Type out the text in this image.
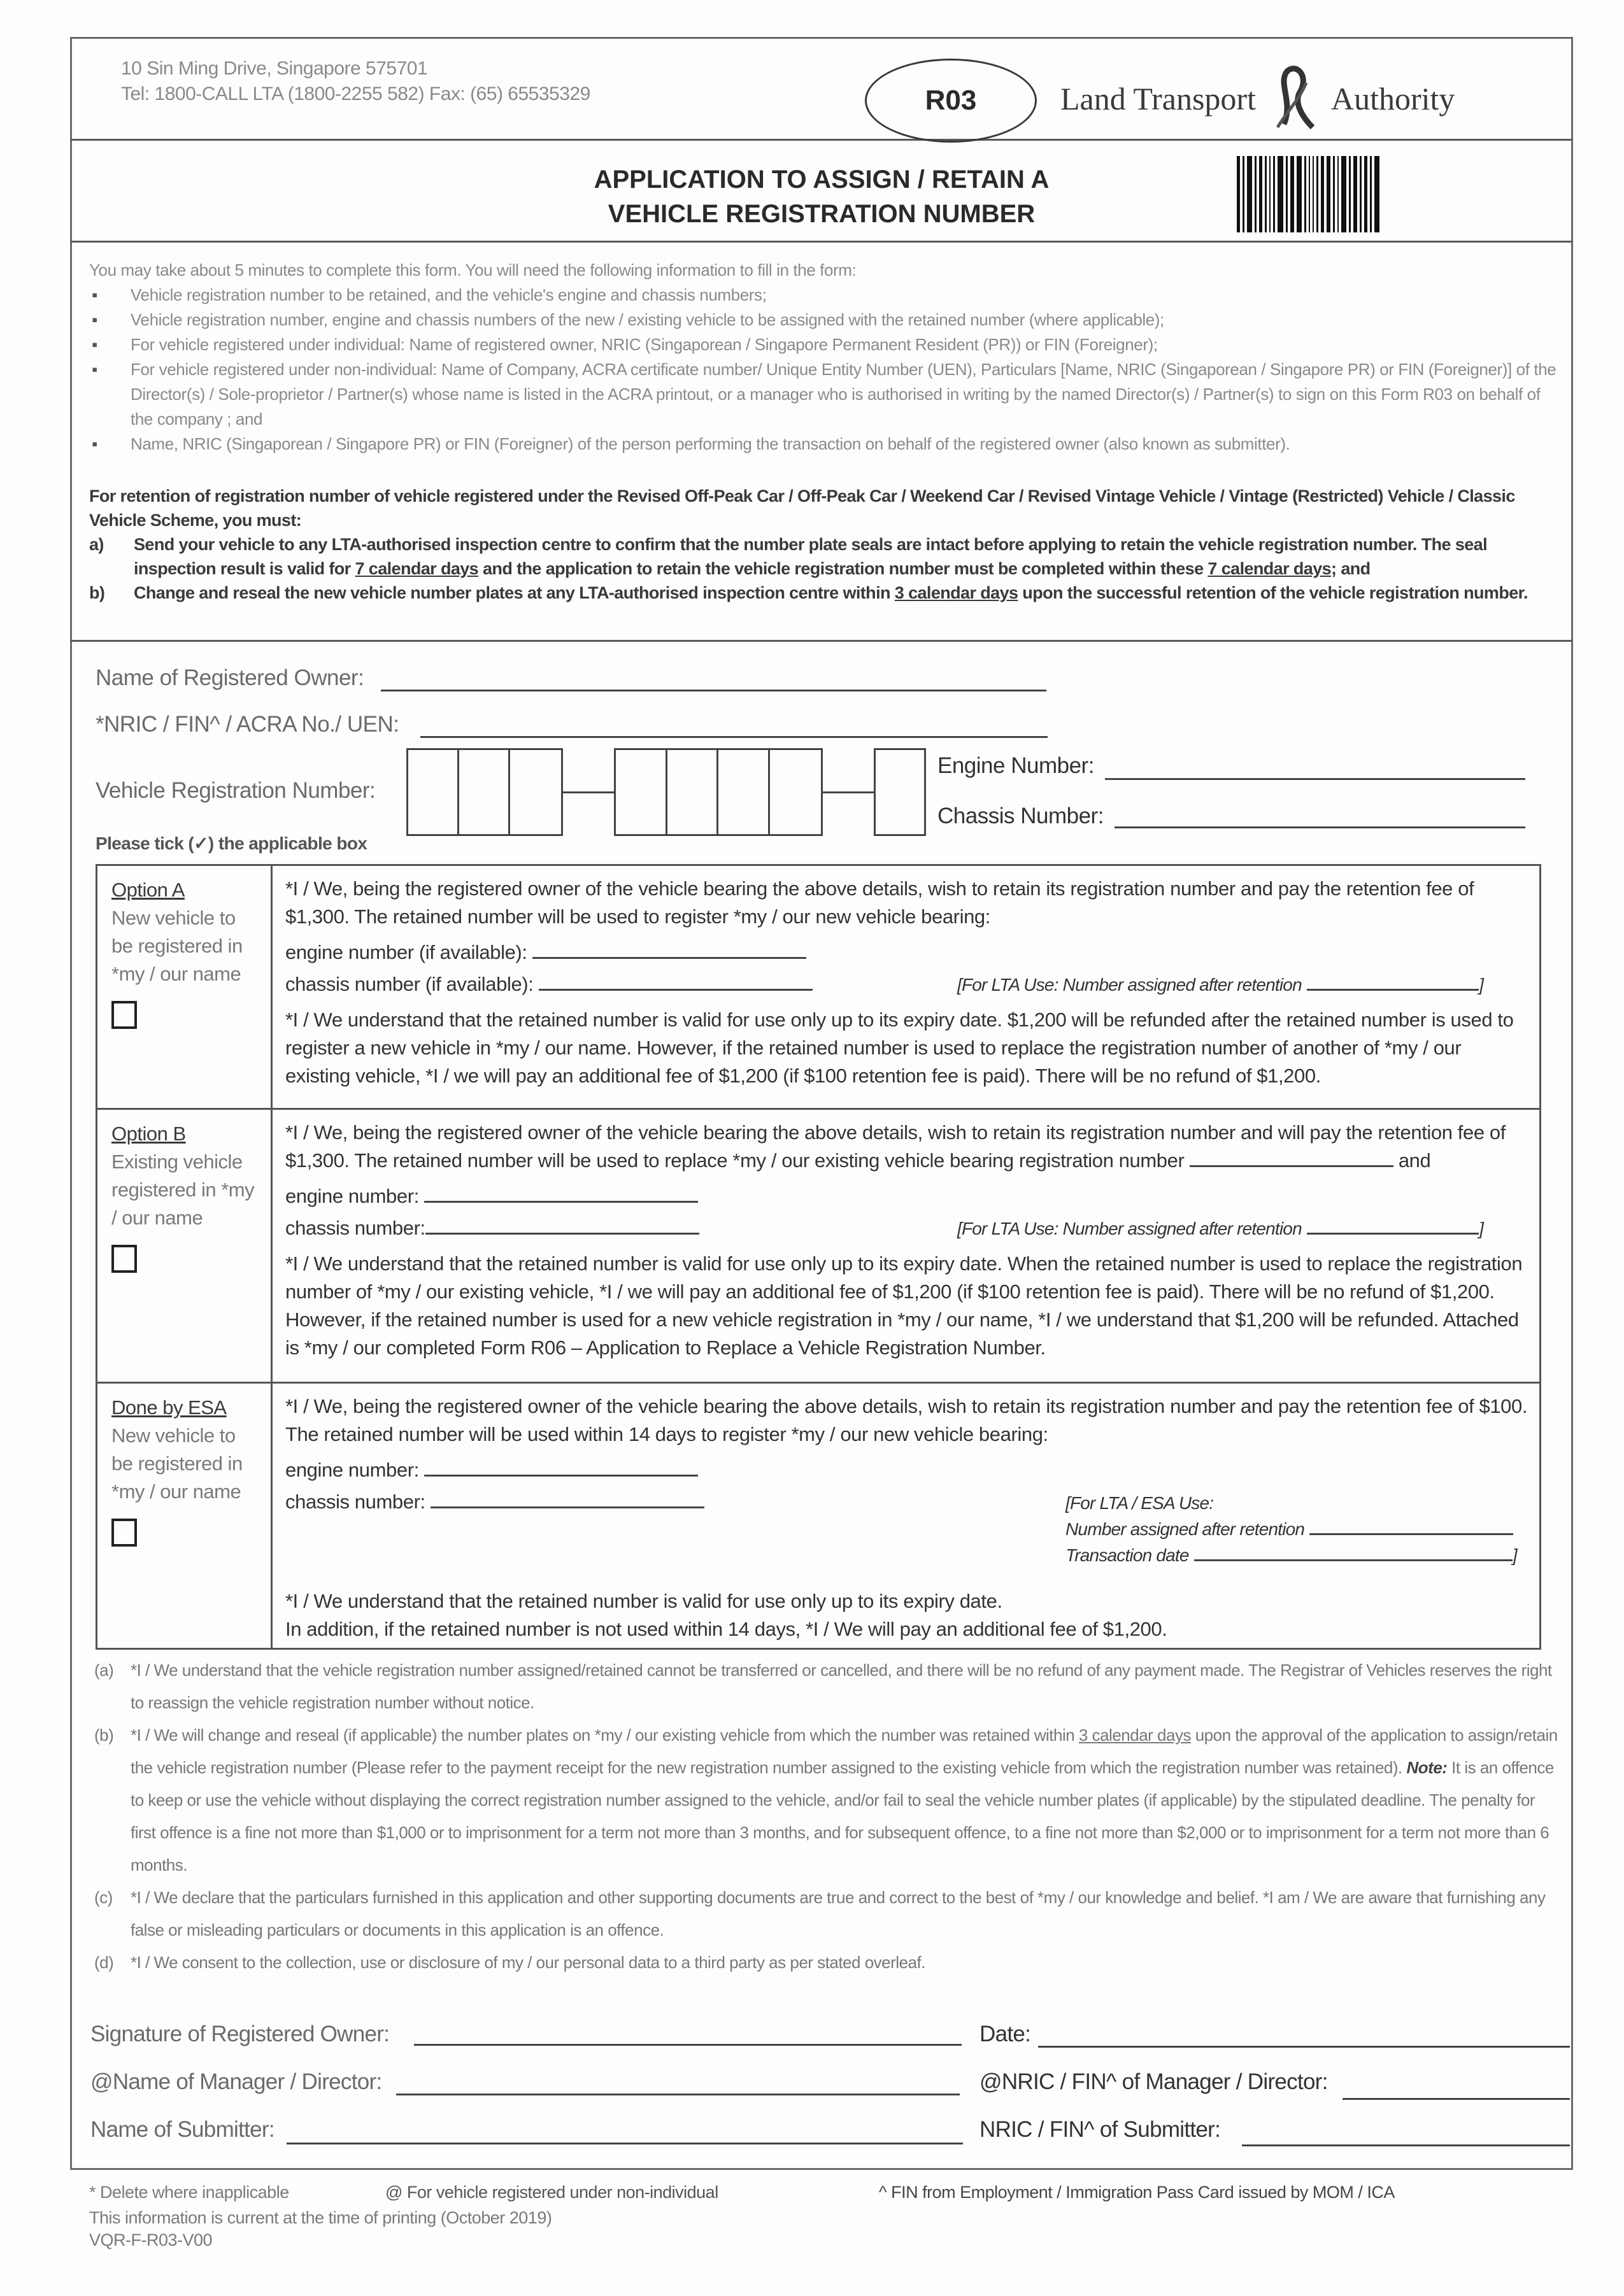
10 Sin Ming Drive, Singapore 575701
Tel: 1800-CALL LTA (1800-2255 582) Fax: (65) 65535329	R03	Land Transport Authority
APPLICATION TO ASSIGN / RETAIN A
VEHICLE REGISTRATION NUMBER
You may take about 5 minutes to complete this form. You will need the following information to fill in the form:
▪ Vehicle registration number to be retained, and the vehicle's engine and chassis numbers;
▪ Vehicle registration number, engine and chassis numbers of the new / existing vehicle to be assigned with the retained number (where applicable);
▪ For vehicle registered under individual: Name of registered owner, NRIC (Singaporean / Singapore Permanent Resident (PR)) or FIN (Foreigner);
▪ For vehicle registered under non-individual: Name of Company, ACRA certificate number/ Unique Entity Number (UEN), Particulars [Name, NRIC (Singaporean / Singapore PR) or FIN (Foreigner)] of the Director(s) / Sole-proprietor / Partner(s) whose name is listed in the ACRA printout, or a manager who is authorised in writing by the named Director(s) / Partner(s) to sign on this Form R03 on behalf of the company ; and
▪ Name, NRIC (Singaporean / Singapore PR) or FIN (Foreigner) of the person performing the transaction on behalf of the registered owner (also known as submitter).
For retention of registration number of vehicle registered under the Revised Off-Peak Car / Off-Peak Car / Weekend Car / Revised Vintage Vehicle / Vintage (Restricted) Vehicle / Classic Vehicle Scheme, you must:
a) Send your vehicle to any LTA-authorised inspection centre to confirm that the number plate seals are intact before applying to retain the vehicle registration number. The seal inspection result is valid for 7 calendar days and the application to retain the vehicle registration number must be completed within these 7 calendar days; and
b) Change and reseal the new vehicle number plates at any LTA-authorised inspection centre within 3 calendar days upon the successful retention of the vehicle registration number.
Name of Registered Owner:
*NRIC / FIN^ / ACRA No./ UEN:
Vehicle Registration Number:
Engine Number:
Chassis Number:
Please tick (✓) the applicable box
Option A
New vehicle to be registered in *my / our name
*I / We, being the registered owner of the vehicle bearing the above details, wish to retain its registration number and pay the retention fee of $1,300. The retained number will be used to register *my / our new vehicle bearing:
engine number (if available):
chassis number (if available):	[For LTA Use: Number assigned after retention	]
*I / We understand that the retained number is valid for use only up to its expiry date. $1,200 will be refunded after the retained number is used to register a new vehicle in *my / our name. However, if the retained number is used to replace the registration number of another of *my / our existing vehicle, *I / we will pay an additional fee of $1,200 (if $100 retention fee is paid). There will be no refund of $1,200.
Option B
Existing vehicle registered in *my / our name
*I / We, being the registered owner of the vehicle bearing the above details, wish to retain its registration number and will pay the retention fee of $1,300. The retained number will be used to replace *my / our existing vehicle bearing registration number	and
engine number:
chassis number:	[For LTA Use: Number assigned after retention	]
*I / We understand that the retained number is valid for use only up to its expiry date. When the retained number is used to replace the registration number of *my / our existing vehicle, *I / we will pay an additional fee of $1,200 (if $100 retention fee is paid). There will be no refund of $1,200. However, if the retained number is used for a new vehicle registration in *my / our name, *I / we understand that $1,200 will be refunded. Attached is *my / our completed Form R06 – Application to Replace a Vehicle Registration Number.
Done by ESA
New vehicle to be registered in *my / our name
*I / We, being the registered owner of the vehicle bearing the above details, wish to retain its registration number and pay the retention fee of $100. The retained number will be used within 14 days to register *my / our new vehicle bearing:
engine number:
chassis number:	[For LTA / ESA Use:
Number assigned after retention
Transaction date	]
*I / We understand that the retained number is valid for use only up to its expiry date.
In addition, if the retained number is not used within 14 days, *I / We will pay an additional fee of $1,200.
(a) *I / We understand that the vehicle registration number assigned/retained cannot be transferred or cancelled, and there will be no refund of any payment made. The Registrar of Vehicles reserves the right to reassign the vehicle registration number without notice.
(b) *I / We will change and reseal (if applicable) the number plates on *my / our existing vehicle from which the number was retained within 3 calendar days upon the approval of the application to assign/retain the vehicle registration number (Please refer to the payment receipt for the new registration number assigned to the existing vehicle from which the registration number was retained). Note: It is an offence to keep or use the vehicle without displaying the correct registration number assigned to the vehicle, and/or fail to seal the vehicle number plates (if applicable) by the stipulated deadline. The penalty for first offence is a fine not more than $1,000 or to imprisonment for a term not more than 3 months, and for subsequent offence, to a fine not more than $2,000 or to imprisonment for a term not more than 6 months.
(c) *I / We declare that the particulars furnished in this application and other supporting documents are true and correct to the best of *my / our knowledge and belief. *I am / We are aware that furnishing any false or misleading particulars or documents in this application is an offence.
(d) *I / We consent to the collection, use or disclosure of my / our personal data to a third party as per stated overleaf.
Signature of Registered Owner:	Date:
@Name of Manager / Director:	@NRIC / FIN^ of Manager / Director:
Name of Submitter:	NRIC / FIN^ of Submitter:
* Delete where inapplicable	@ For vehicle registered under non-individual	^ FIN from Employment / Immigration Pass Card issued by MOM / ICA
This information is current at the time of printing (October 2019)
VQR-F-R03-V00
